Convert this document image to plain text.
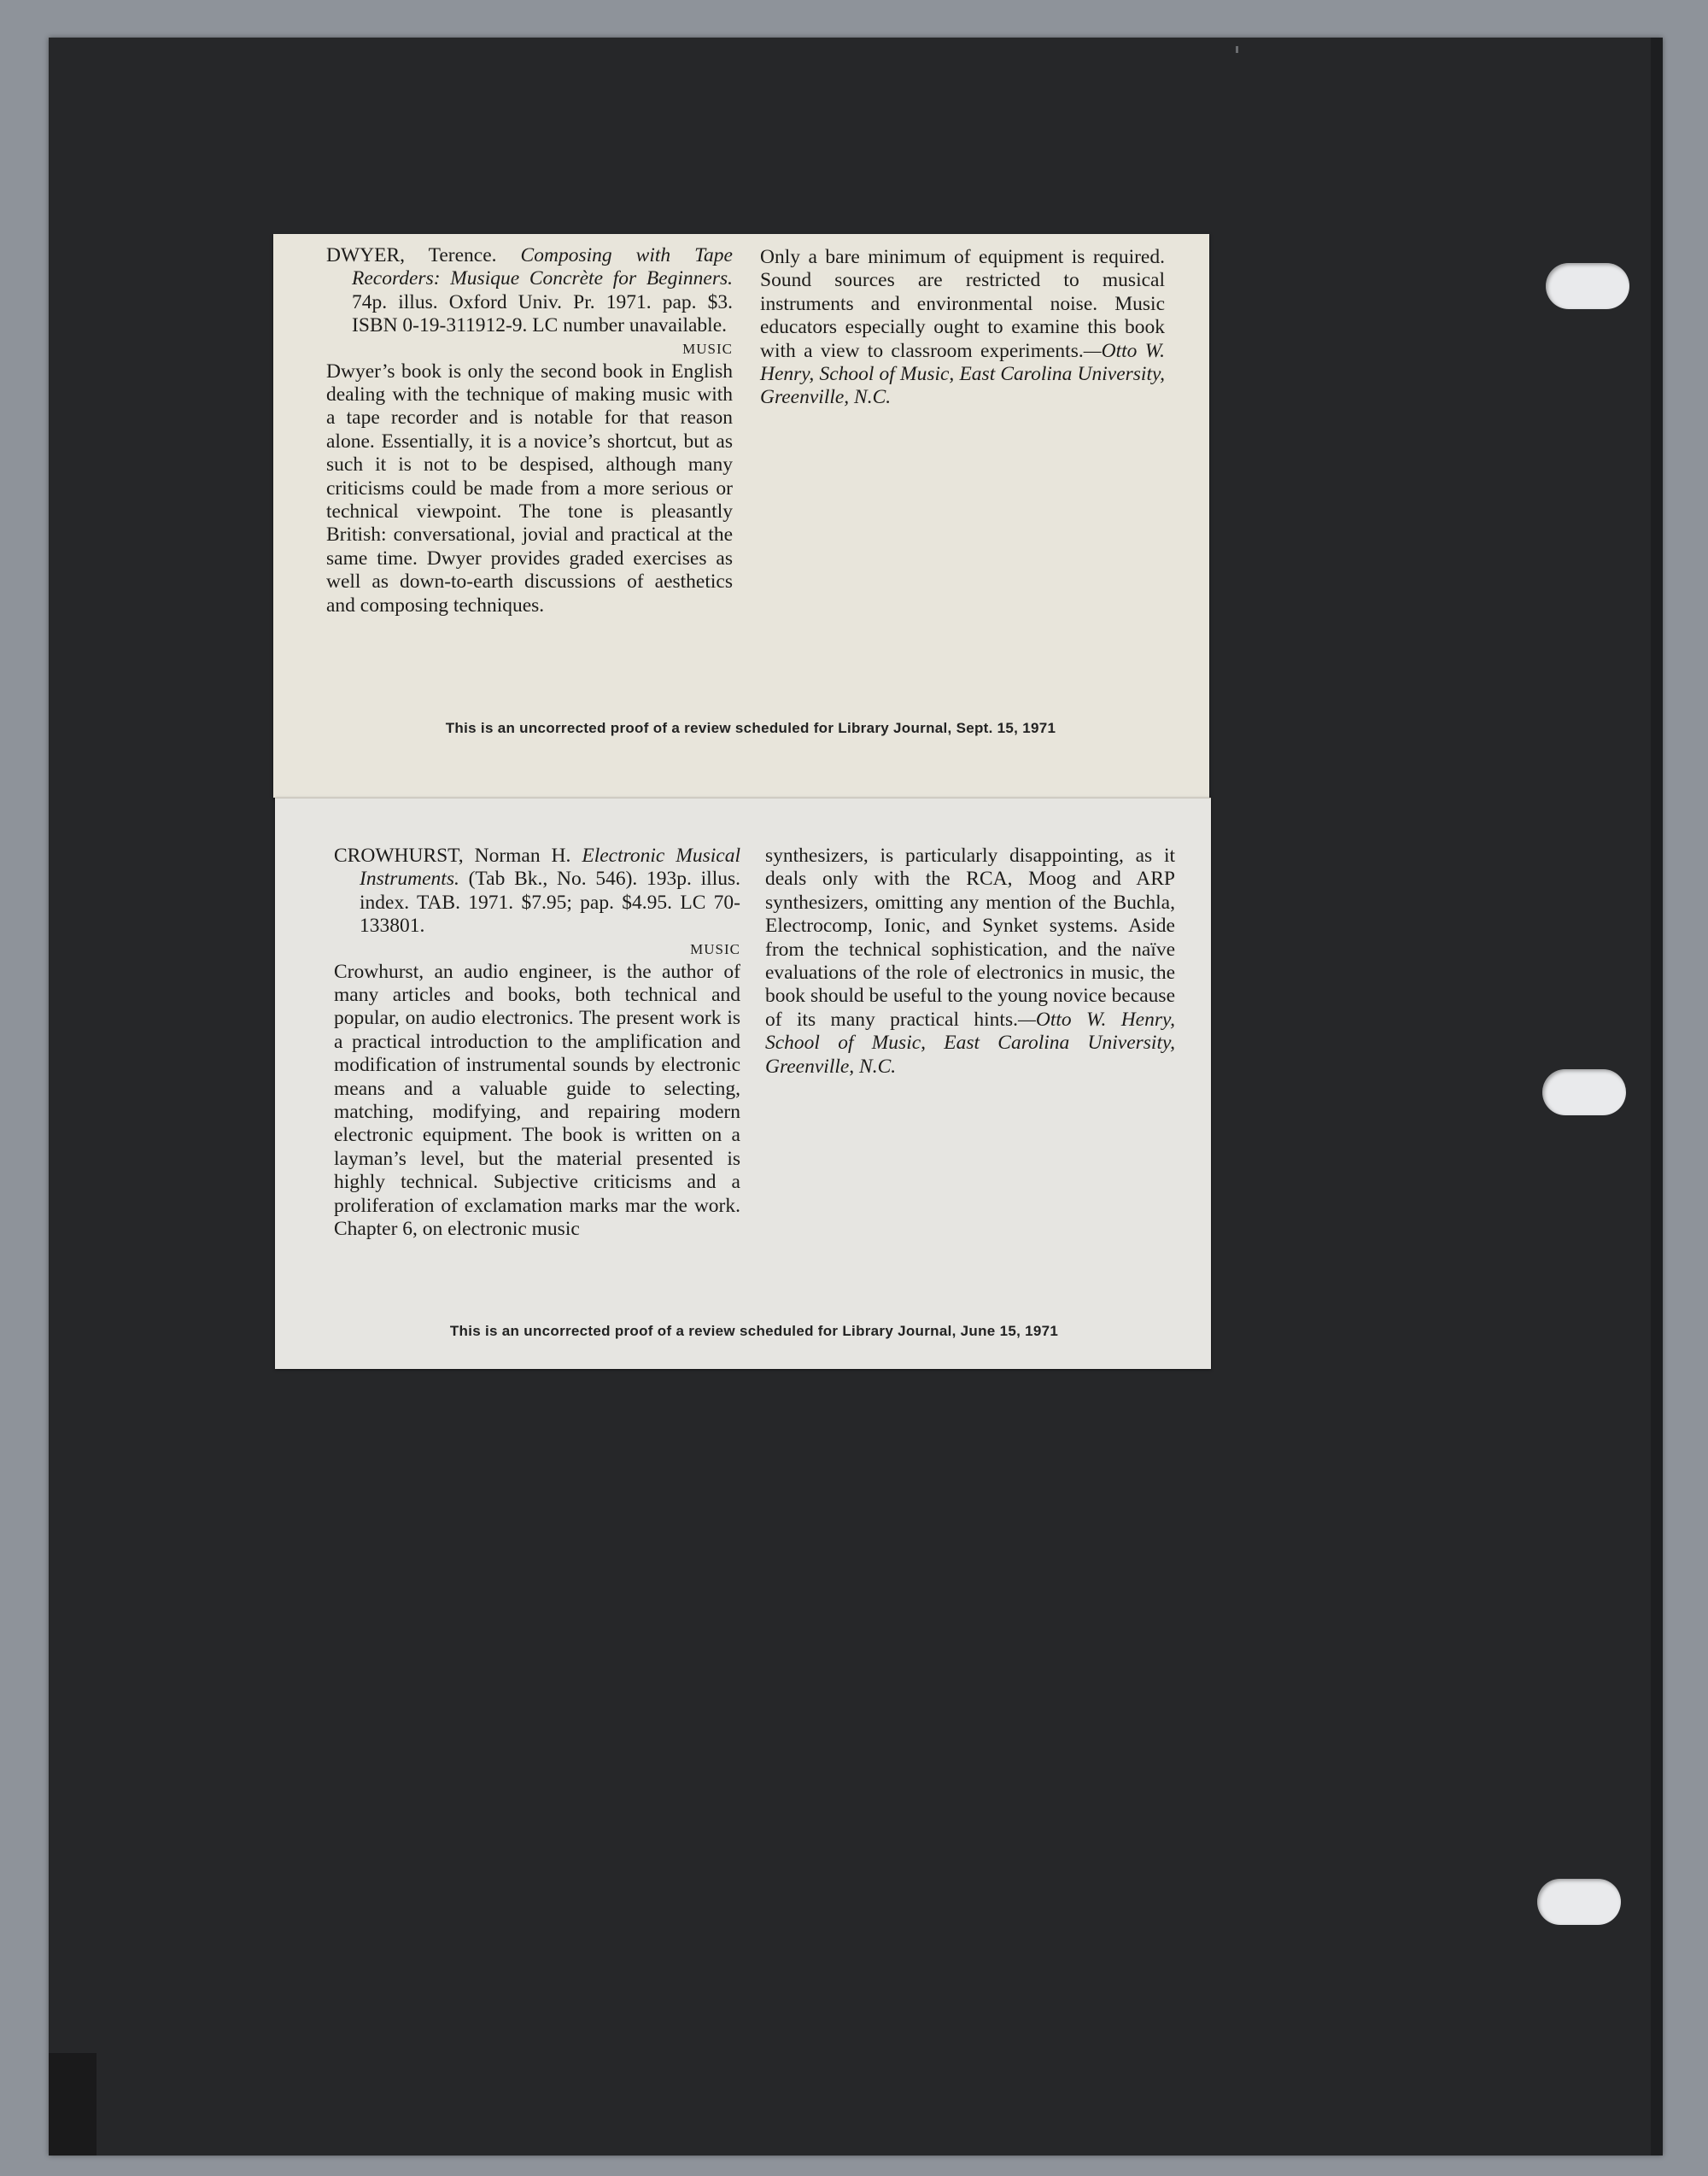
DWYER, Terence. Composing with Tape Recorders: Musique Concrète for Beginners. 74p. illus. Oxford Univ. Pr. 1971. pap. $3. ISBN 0-19-311912-9. LC number unavailable.

MUSIC

Dwyer’s book is only the second book in English dealing with the technique of making music with a tape recorder and is notable for that reason alone. Essentially, it is a novice’s shortcut, but as such it is not to be despised, although many criticisms could be made from a more serious or technical viewpoint. The tone is pleasantly British: conversational, jovial and practical at the same time. Dwyer provides graded exercises as well as down-to-earth discussions of aesthetics and composing techniques.

Only a bare minimum of equipment is required. Sound sources are restricted to musical instruments and environmental noise. Music educators especially ought to examine this book with a view to classroom experiments.—Otto W. Henry, School of Music, East Carolina University, Greenville, N.C.

This is an uncorrected proof of a review scheduled for Library Journal, Sept. 15, 1971

CROWHURST, Norman H. Electronic Musical Instruments. (Tab Bk., No. 546). 193p. illus. index. TAB. 1971. $7.95; pap. $4.95. LC 70-133801.

MUSIC

Crowhurst, an audio engineer, is the author of many articles and books, both technical and popular, on audio electronics. The present work is a practical introduction to the amplification and modification of instrumental sounds by electronic means and a valuable guide to selecting, matching, modifying, and repairing modern electronic equipment. The book is written on a layman’s level, but the material presented is highly technical. Subjective criticisms and a proliferation of exclamation marks mar the work. Chapter 6, on electronic music

synthesizers, is particularly disappointing, as it deals only with the RCA, Moog and ARP synthesizers, omitting any mention of the Buchla, Electrocomp, Ionic, and Synket systems. Aside from the technical sophistication, and the naïve evaluations of the role of electronics in music, the book should be useful to the young novice because of its many practical hints.—Otto W. Henry, School of Music, East Carolina University, Greenville, N.C.

This is an uncorrected proof of a review scheduled for Library Journal, June 15, 1971
